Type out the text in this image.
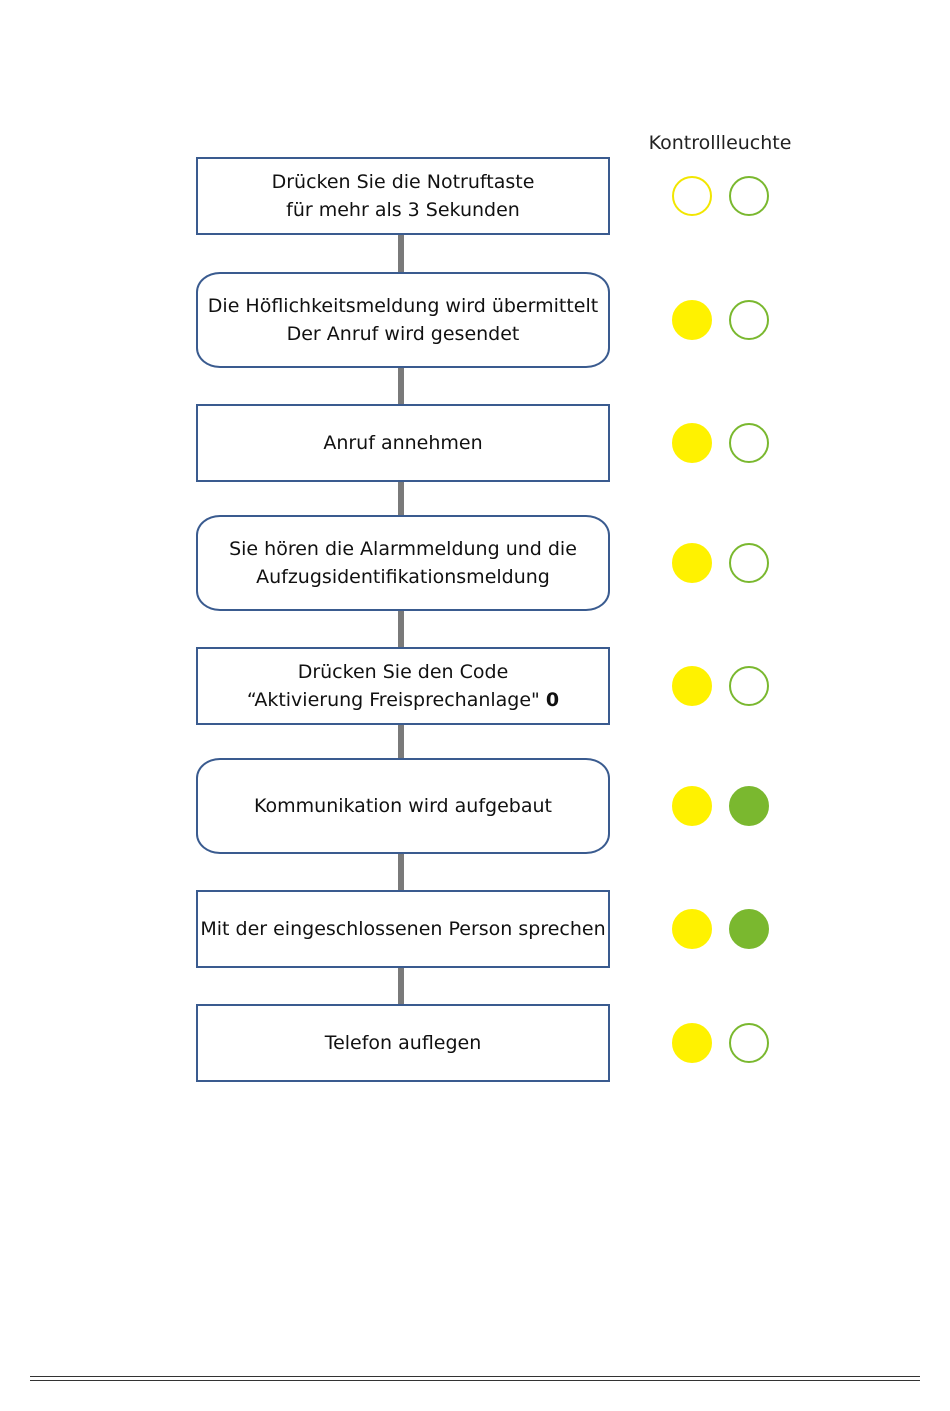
Kontrollleuchte
Drücken Sie die Notruftaste
für mehr als 3 Sekunden
Die Höflichkeitsmeldung wird übermittelt
Der Anruf wird gesendet
Anruf annehmen
Sie hören die Alarmmeldung und die
Aufzugsidentifikationsmeldung
Drücken Sie den Code
“Aktivierung Freisprechanlage" 0
Kommunikation wird aufgebaut
Mit der eingeschlossenen Person sprechen
Telefon auflegen
